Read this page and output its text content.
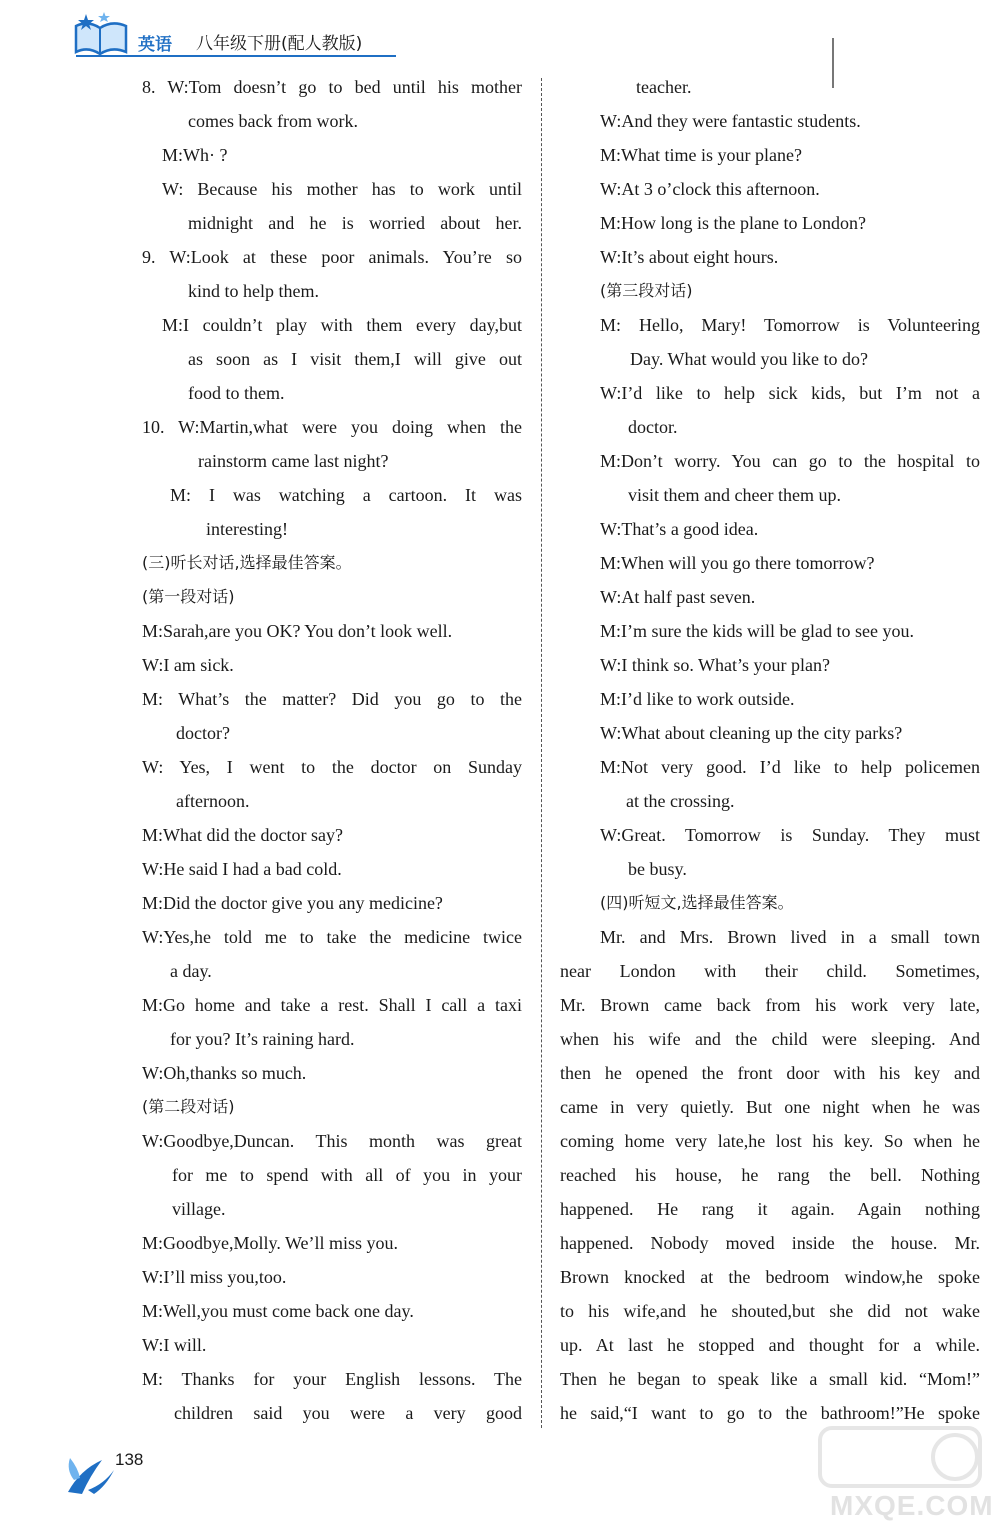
英语 八年级下册(配人教版)
8. W:Tom doesn’t go to bed until his mother
comes back from work.
M:Wh· ?
W: Because his mother has to work until
midnight and he is worried about her.
9. W:Look at these poor animals. You’re so
kind to help them.
M:I couldn’t play with them every day,but
as soon as I visit them,I will give out
food to them.
10. W:Martin,what were you doing when the
rainstorm came last night?
M: I was watching a cartoon. It was
interesting!
(三)听长对话,选择最佳答案。
(第一段对话)
M:Sarah,are you OK? You don’t look well.
W:I am sick.
M: What’s the matter? Did you go to the
doctor?
W: Yes, I went to the doctor on Sunday
afternoon.
M:What did the doctor say?
W:He said I had a bad cold.
M:Did the doctor give you any medicine?
W:Yes,he told me to take the medicine twice
a day.
M:Go home and take a rest. Shall I call a taxi
for you? It’s raining hard.
W:Oh,thanks so much.
(第二段对话)
W:Goodbye,Duncan. This month was great
for me to spend with all of you in your
village.
M:Goodbye,Molly. We’ll miss you.
W:I’ll miss you,too.
M:Well,you must come back one day.
W:I will.
M: Thanks for your English lessons. The
children said you were a very good
teacher.
W:And they were fantastic students.
M:What time is your plane?
W:At 3 o’clock this afternoon.
M:How long is the plane to London?
W:It’s about eight hours.
(第三段对话)
M: Hello, Mary! Tomorrow is Volunteering
Day. What would you like to do?
W:I’d like to help sick kids, but I’m not a
doctor.
M:Don’t worry. You can go to the hospital to
visit them and cheer them up.
W:That’s a good idea.
M:When will you go there tomorrow?
W:At half past seven.
M:I’m sure the kids will be glad to see you.
W:I think so. What’s your plan?
M:I’d like to work outside.
W:What about cleaning up the city parks?
M:Not very good. I’d like to help policemen
at the crossing.
W:Great. Tomorrow is Sunday. They must
be busy.
(四)听短文,选择最佳答案。
Mr. and Mrs. Brown lived in a small town
near London with their child. Sometimes,
Mr. Brown came back from his work very late,
when his wife and the child were sleeping. And
then he opened the front door with his key and
came in very quietly. But one night when he was
coming home very late,he lost his key. So when he
reached his house, he rang the bell. Nothing
happened. He rang it again. Again nothing
happened. Nobody moved inside the house. Mr.
Brown knocked at the bedroom window,he spoke
to his wife,and he shouted,but she did not wake
up. At last he stopped and thought for a while.
Then he began to speak like a small kid. “Mom!”
he said,“I want to go to the bathroom!”He spoke
138
MXQE.COM
